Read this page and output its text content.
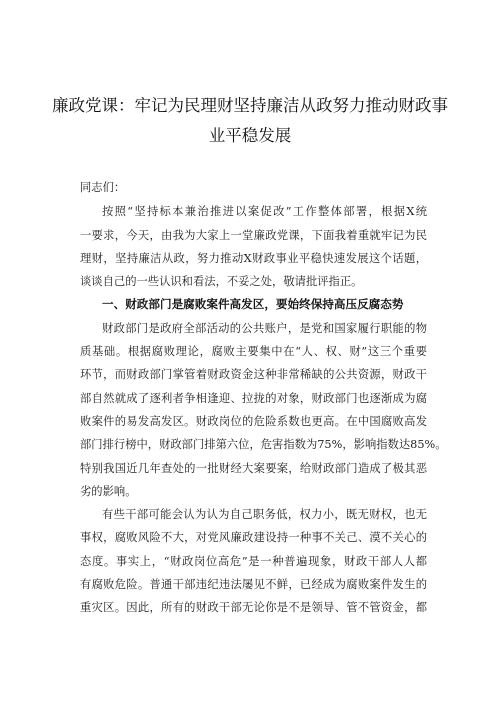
廉政党课：牢记为民理财坚持廉洁从政努力推动财政事
业平稳发展

同志们：

按照“坚持标本兼治推进以案促改”工作整体部署，根据X统
一要求，今天，由我为大家上一堂廉政党课，下面我着重就牢记为民
理财，坚持廉洁从政，努力推动X财政事业平稳快速发展这个话题，
谈谈自己的一些认识和看法，不妥之处，敬请批评指正。

一、财政部门是腐败案件高发区，要始终保持高压反腐态势

财政部门是政府全部活动的公共账户，是党和国家履行职能的物
质基础。根据腐败理论，腐败主要集中在“人、权、财”这三个重要
环节，而财政部门掌管着财政资金这种非常稀缺的公共资源，财政干
部自然就成了逐利者争相逢迎、拉拢的对象，财政部门也逐渐成为腐
败案件的易发高发区。财政岗位的危险系数也更高。在中国腐败高发
部门排行榜中，财政部门排第六位，危害指数为75%，影响指数达85%。
特别我国近几年查处的一批财经大案要案，给财政部门造成了极其恶
劣的影响。

有些干部可能会认为认为自己职务低，权力小，既无财权，也无
事权，腐败风险不大，对党风廉政建设持一种事不关己、漠不关心的
态度。事实上，“财政岗位高危”是一种普遍现象，财政干部人人都
有腐败危险。普通干部违纪违法屡见不鲜，已经成为腐败案件发生的
重灾区。因此，所有的财政干部无论你是不是领导、管不管资金，都
